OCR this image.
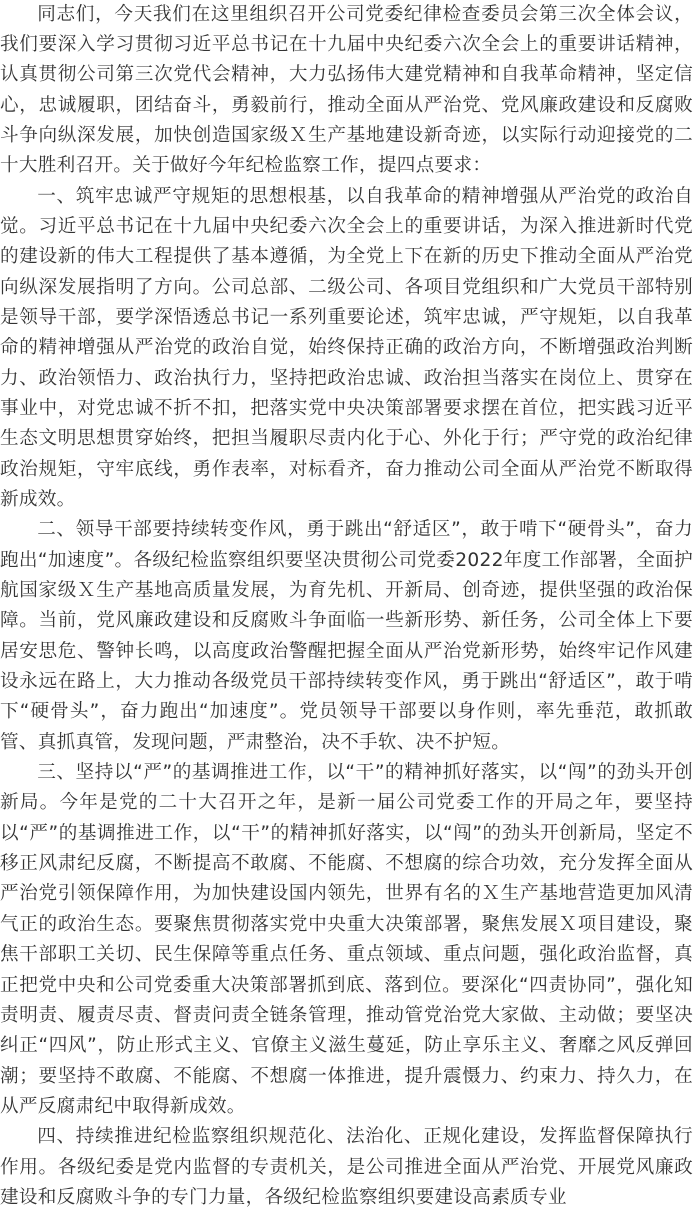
同志们，今天我们在这里组织召开公司党委纪律检查委员会第三次全体会议，我们要深入学习贯彻习近平总书记在十九届中央纪委六次全会上的重要讲话精神，认真贯彻公司第三次党代会精神，大力弘扬伟大建党精神和自我革命精神，坚定信心，忠诚履职，团结奋斗，勇毅前行，推动全面从严治党、党风廉政建设和反腐败斗争向纵深发展，加快创造国家级Ｘ生产基地建设新奇迹，以实际行动迎接党的二十大胜利召开。关于做好今年纪检监察工作，提四点要求：

一、筑牢忠诚严守规矩的思想根基，以自我革命的精神增强从严治党的政治自觉。习近平总书记在十九届中央纪委六次全会上的重要讲话，为深入推进新时代党的建设新的伟大工程提供了基本遵循，为全党上下在新的历史下推动全面从严治党向纵深发展指明了方向。公司总部、二级公司、各项目党组织和广大党员干部特别是领导干部，要学深悟透总书记一系列重要论述，筑牢忠诚，严守规矩，以自我革命的精神增强从严治党的政治自觉，始终保持正确的政治方向，不断增强政治判断力、政治领悟力、政治执行力，坚持把政治忠诚、政治担当落实在岗位上、贯穿在事业中，对党忠诚不折不扣，把落实党中央决策部署要求摆在首位，把实践习近平生态文明思想贯穿始终，把担当履职尽责内化于心、外化于行；严守党的政治纪律政治规矩，守牢底线，勇作表率，对标看齐，奋力推动公司全面从严治党不断取得新成效。

二、领导干部要持续转变作风，勇于跳出“舒适区”，敢于啃下“硬骨头”，奋力跑出“加速度”。各级纪检监察组织要坚决贯彻公司党委2022年度工作部署，全面护航国家级Ｘ生产基地高质量发展，为育先机、开新局、创奇迹，提供坚强的政治保障。当前，党风廉政建设和反腐败斗争面临一些新形势、新任务，公司全体上下要居安思危、警钟长鸣，以高度政治警醒把握全面从严治党新形势，始终牢记作风建设永远在路上，大力推动各级党员干部持续转变作风，勇于跳出“舒适区”，敢于啃下“硬骨头”，奋力跑出“加速度”。党员领导干部要以身作则，率先垂范，敢抓敢管、真抓真管，发现问题，严肃整治，决不手软、决不护短。

三、坚持以“严”的基调推进工作，以“干”的精神抓好落实，以“闯”的劲头开创新局。今年是党的二十大召开之年，是新一届公司党委工作的开局之年，要坚持以“严”的基调推进工作，以“干”的精神抓好落实，以“闯”的劲头开创新局，坚定不移正风肃纪反腐，不断提高不敢腐、不能腐、不想腐的综合功效，充分发挥全面从严治党引领保障作用，为加快建设国内领先，世界有名的Ｘ生产基地营造更加风清气正的政治生态。要聚焦贯彻落实党中央重大决策部署，聚焦发展Ｘ项目建设，聚焦干部职工关切、民生保障等重点任务、重点领域、重点问题，强化政治监督，真正把党中央和公司党委重大决策部署抓到底、落到位。要深化“四责协同”，强化知责明责、履责尽责、督责问责全链条管理，推动管党治党大家做、主动做；要坚决纠正“四风”，防止形式主义、官僚主义滋生蔓延，防止享乐主义、奢靡之风反弹回潮；要坚持不敢腐、不能腐、不想腐一体推进，提升震慑力、约束力、持久力，在从严反腐肃纪中取得新成效。

四、持续推进纪检监察组织规范化、法治化、正规化建设，发挥监督保障执行作用。各级纪委是党内监督的专责机关，是公司推进全面从严治党、开展党风廉政建设和反腐败斗争的专门力量，各级纪检监察组织要建设高素质专业
